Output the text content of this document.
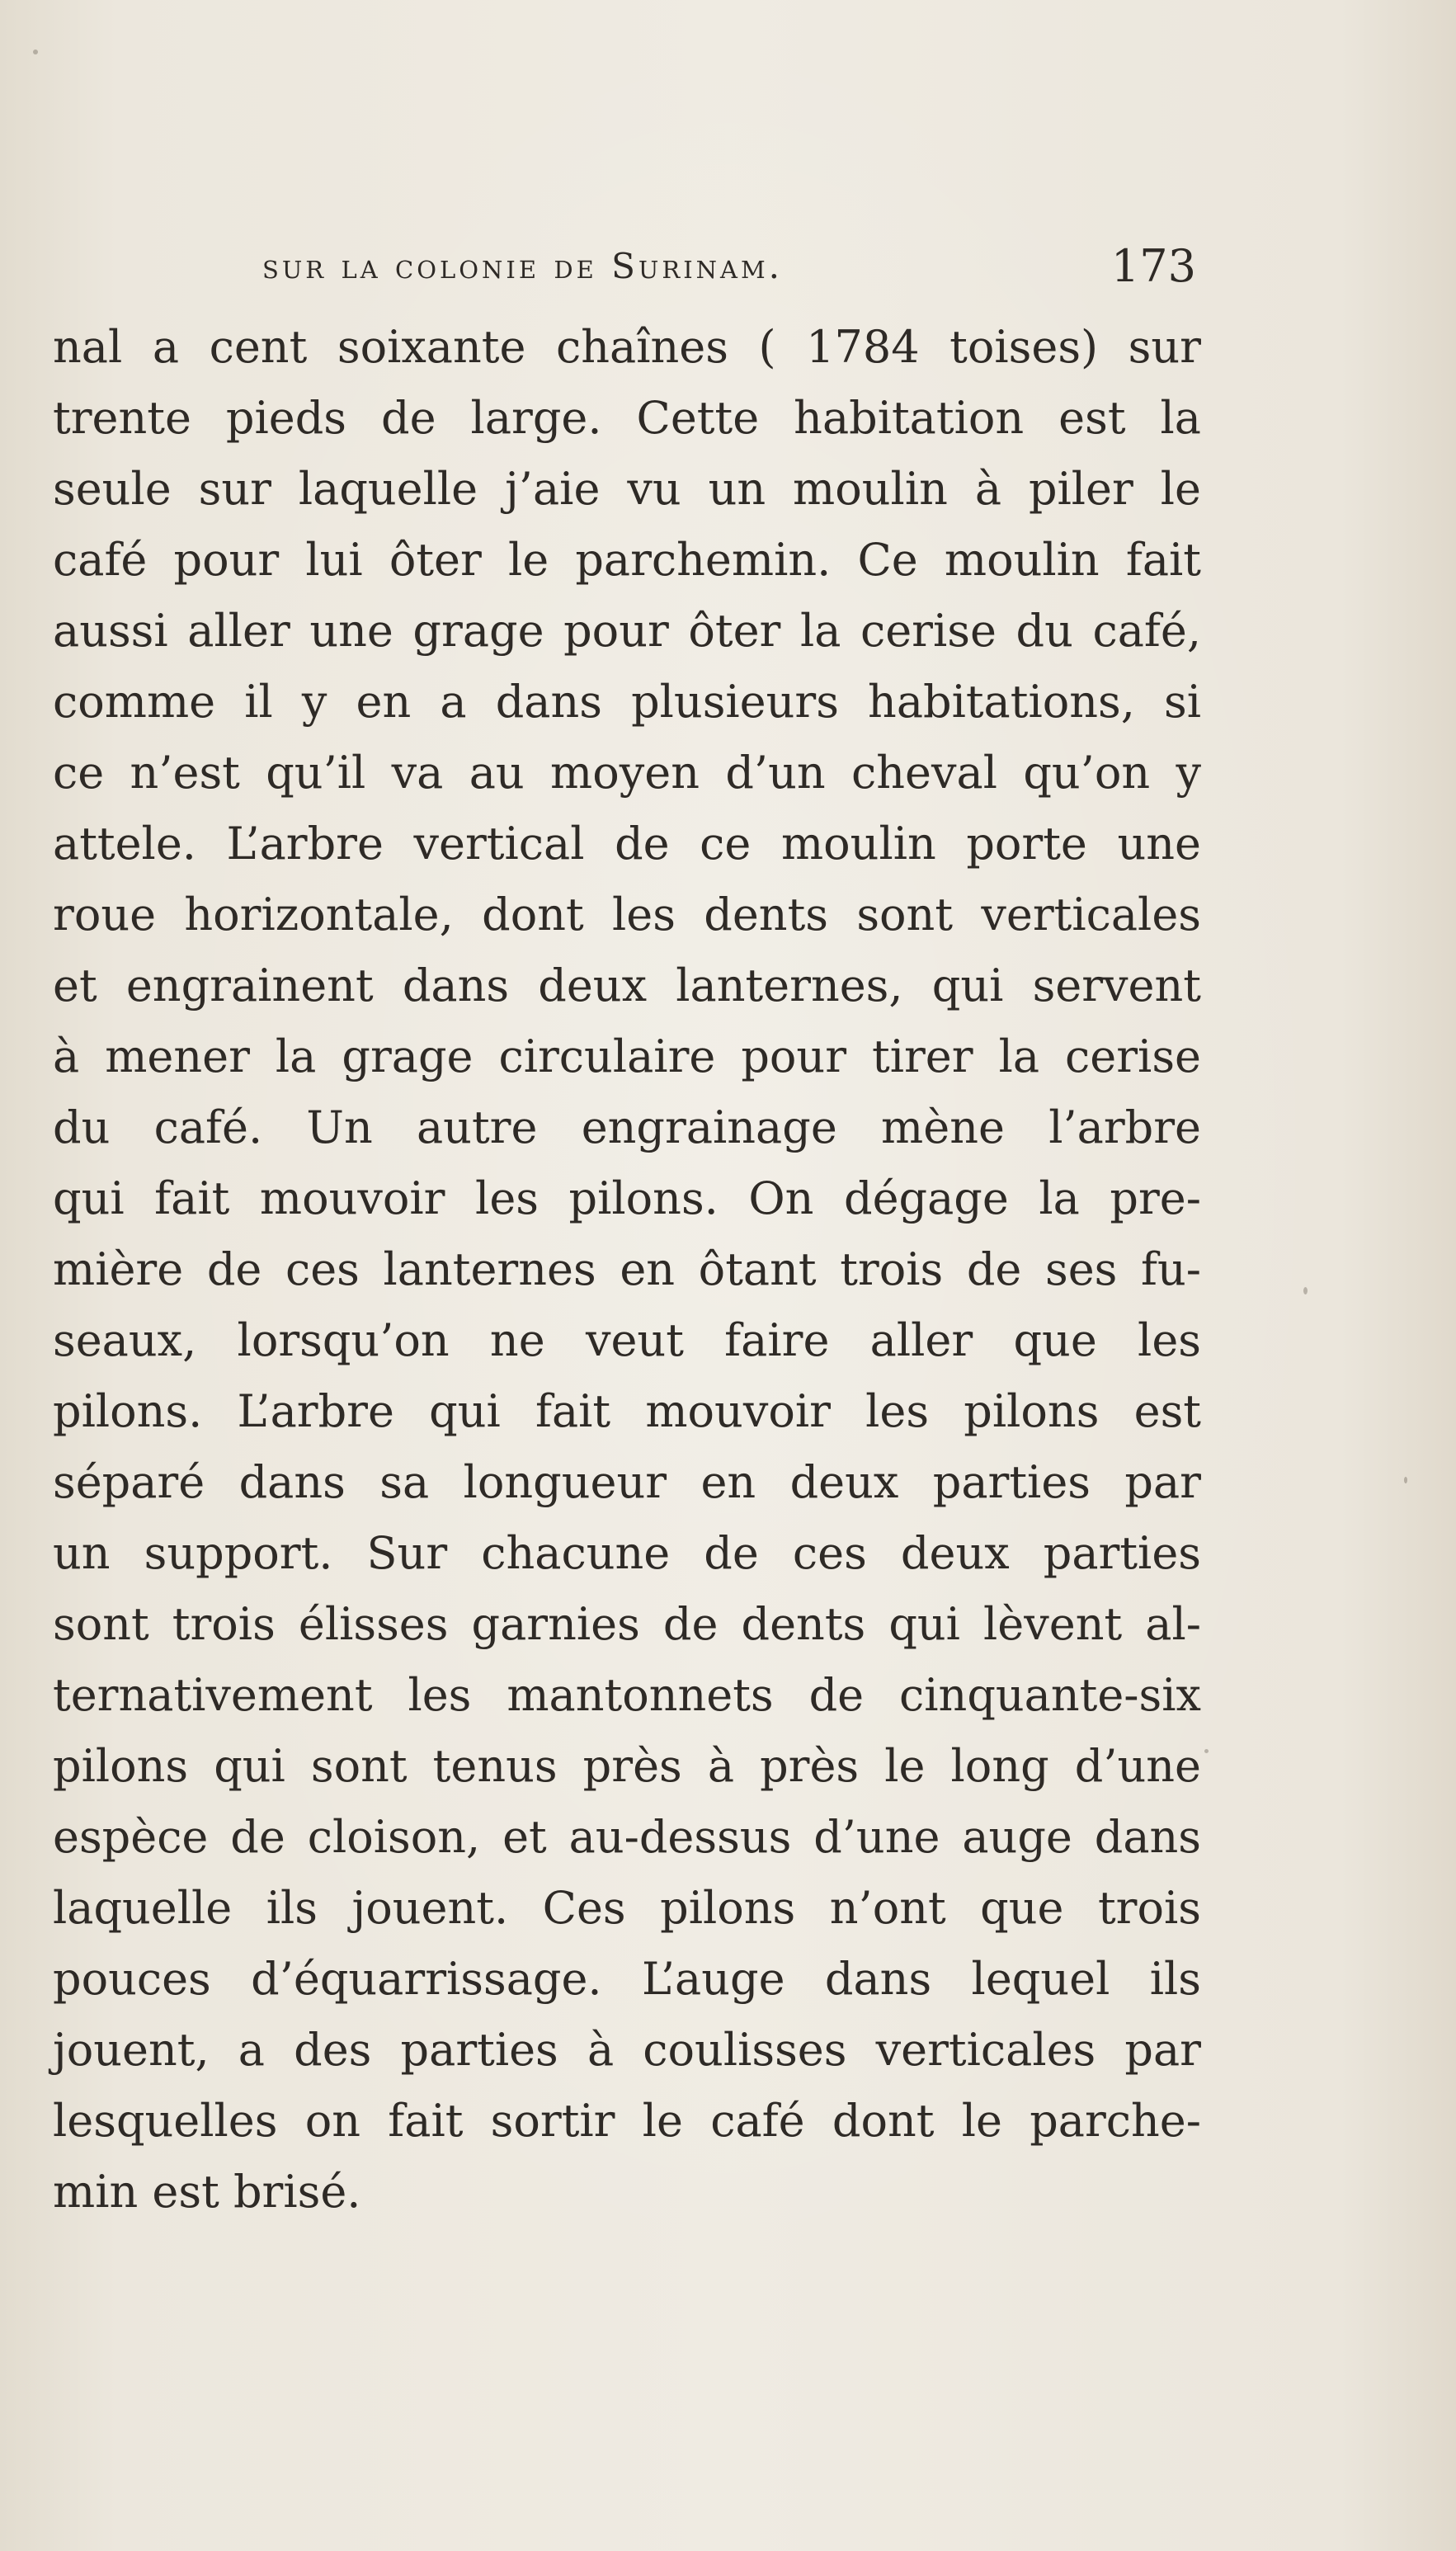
sur la colonie de Surinam.	173
nal a cent soixante chaînes ( 1784 toises) sur
trente pieds de large. Cette habitation est la
seule sur laquelle j’aie vu un moulin à piler le
café pour lui ôter le parchemin. Ce moulin fait
aussi aller une grage pour ôter la cerise du café,
comme il y en a dans plusieurs habitations, si
ce n’est qu’il va au moyen d’un cheval qu’on y
attele. L’arbre vertical de ce moulin porte une
roue horizontale, dont les dents sont verticales
et engrainent dans deux lanternes, qui servent
à mener la grage circulaire pour tirer la cerise
du café. Un autre engrainage mène l’arbre
qui fait mouvoir les pilons. On dégage la pre-
mière de ces lanternes en ôtant trois de ses fu-
seaux, lorsqu’on ne veut faire aller que les
pilons. L’arbre qui fait mouvoir les pilons est
séparé dans sa longueur en deux parties par
un support. Sur chacune de ces deux parties
sont trois élisses garnies de dents qui lèvent al-
ternativement les mantonnets de cinquante-six
pilons qui sont tenus près à près le long d’une
espèce de cloison, et au-dessus d’une auge dans
laquelle ils jouent. Ces pilons n’ont que trois
pouces d’équarrissage. L’auge dans lequel ils
jouent, a des parties à coulisses verticales par
lesquelles on fait sortir le café dont le parche-
min est brisé.
